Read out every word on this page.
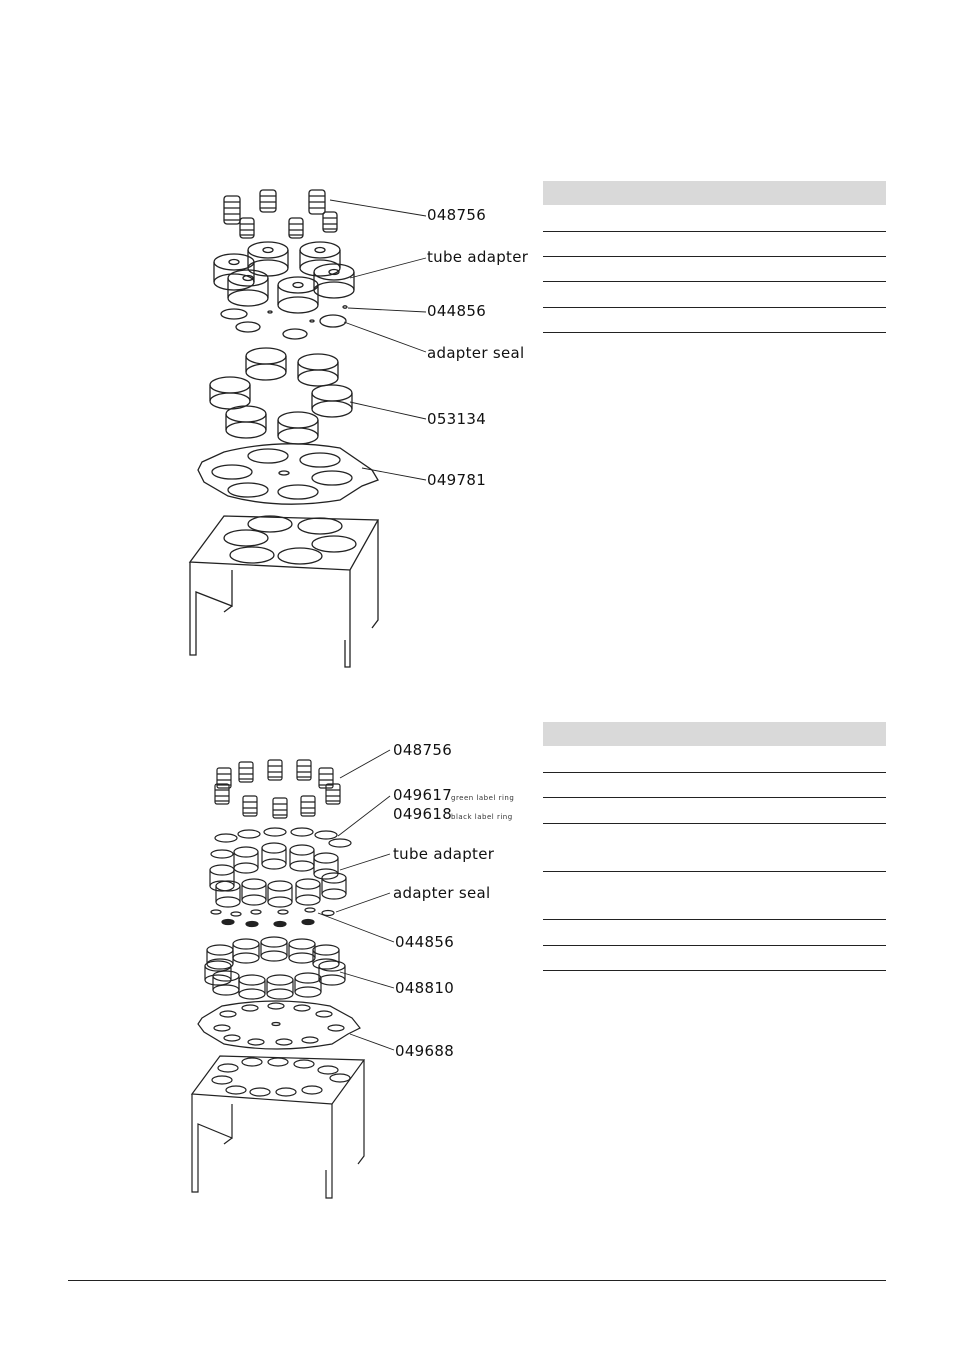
048756
tube adapter
044856
adapter seal
053134
049781
048756
049617
green label ring
049618
black label ring
tube adapter
adapter seal
044856
048810
049688
